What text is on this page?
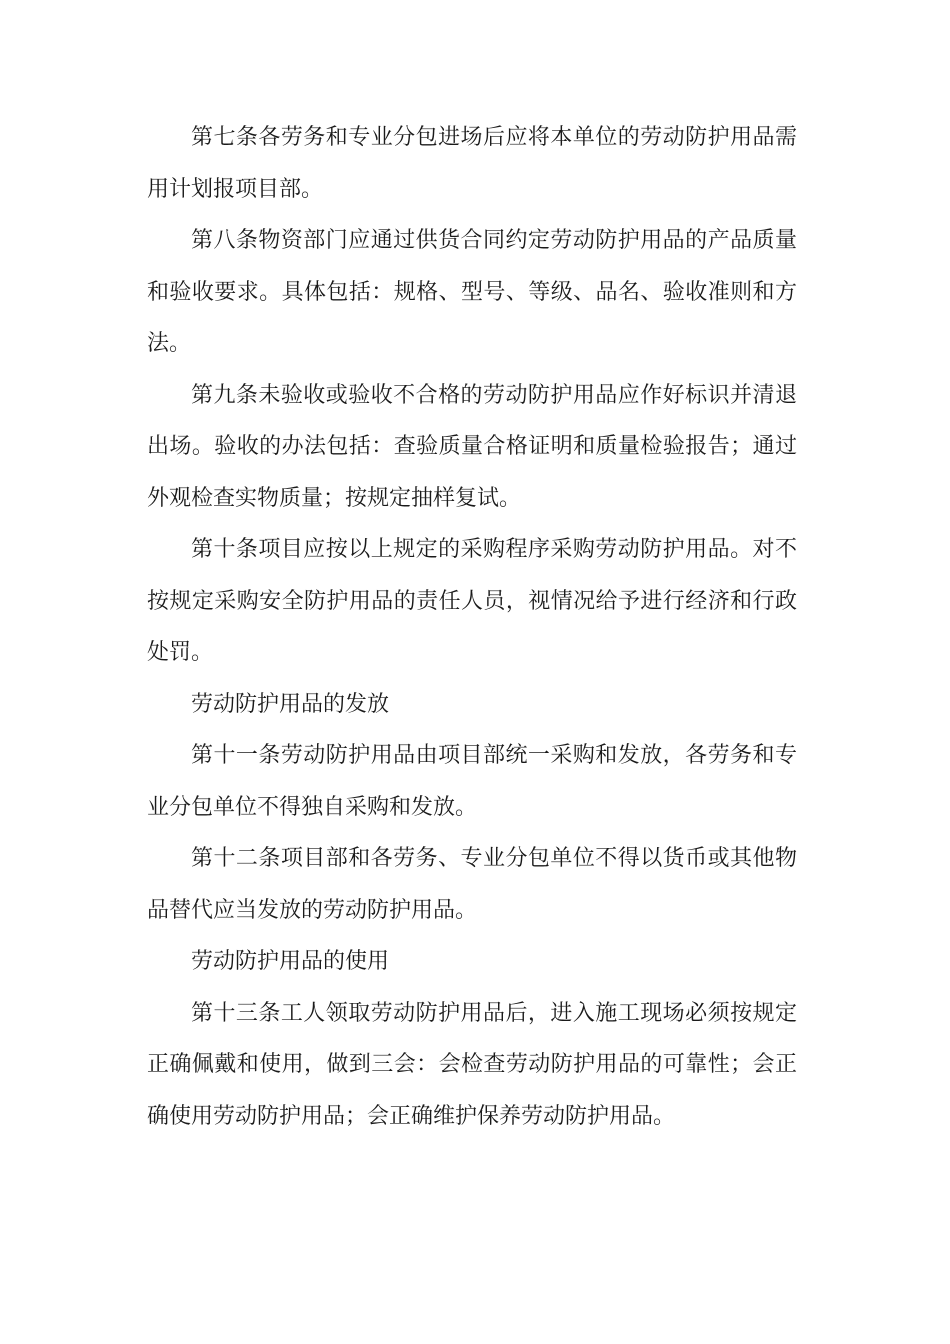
第七条各劳务和专业分包进场后应将本单位的劳动防护用品需用计划报项目部。

第八条物资部门应通过供货合同约定劳动防护用品的产品质量和验收要求。具体包括：规格、型号、等级、品名、验收准则和方法。

第九条未验收或验收不合格的劳动防护用品应作好标识并清退出场。验收的办法包括：查验质量合格证明和质量检验报告；通过外观检查实物质量；按规定抽样复试。

第十条项目应按以上规定的采购程序采购劳动防护用品。对不按规定采购安全防护用品的责任人员，视情况给予进行经济和行政处罚。

劳动防护用品的发放

第十一条劳动防护用品由项目部统一采购和发放，各劳务和专业分包单位不得独自采购和发放。

第十二条项目部和各劳务、专业分包单位不得以货币或其他物品替代应当发放的劳动防护用品。

劳动防护用品的使用

第十三条工人领取劳动防护用品后，进入施工现场必须按规定正确佩戴和使用，做到三会：会检查劳动防护用品的可靠性；会正确使用劳动防护用品；会正确维护保养劳动防护用品。
